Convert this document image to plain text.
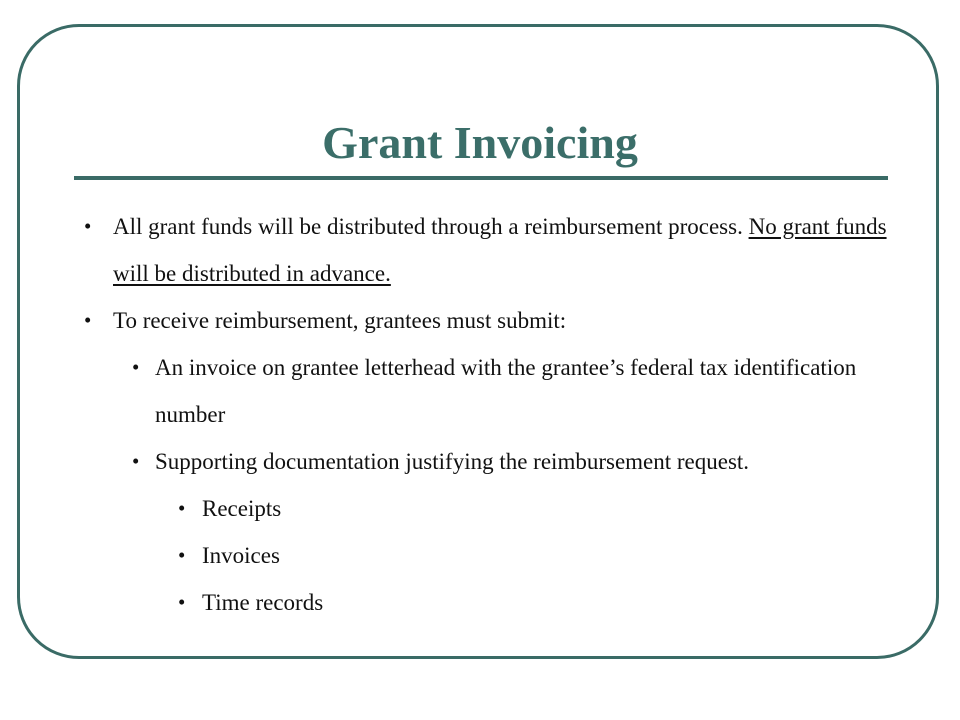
Grant Invoicing
• All grant funds will be distributed through a reimbursement process. No grant funds will be distributed in advance.
• To receive reimbursement, grantees must submit:
• An invoice on grantee letterhead with the grantee’s federal tax identification number
• Supporting documentation justifying the reimbursement request.
• Receipts
• Invoices
• Time records
